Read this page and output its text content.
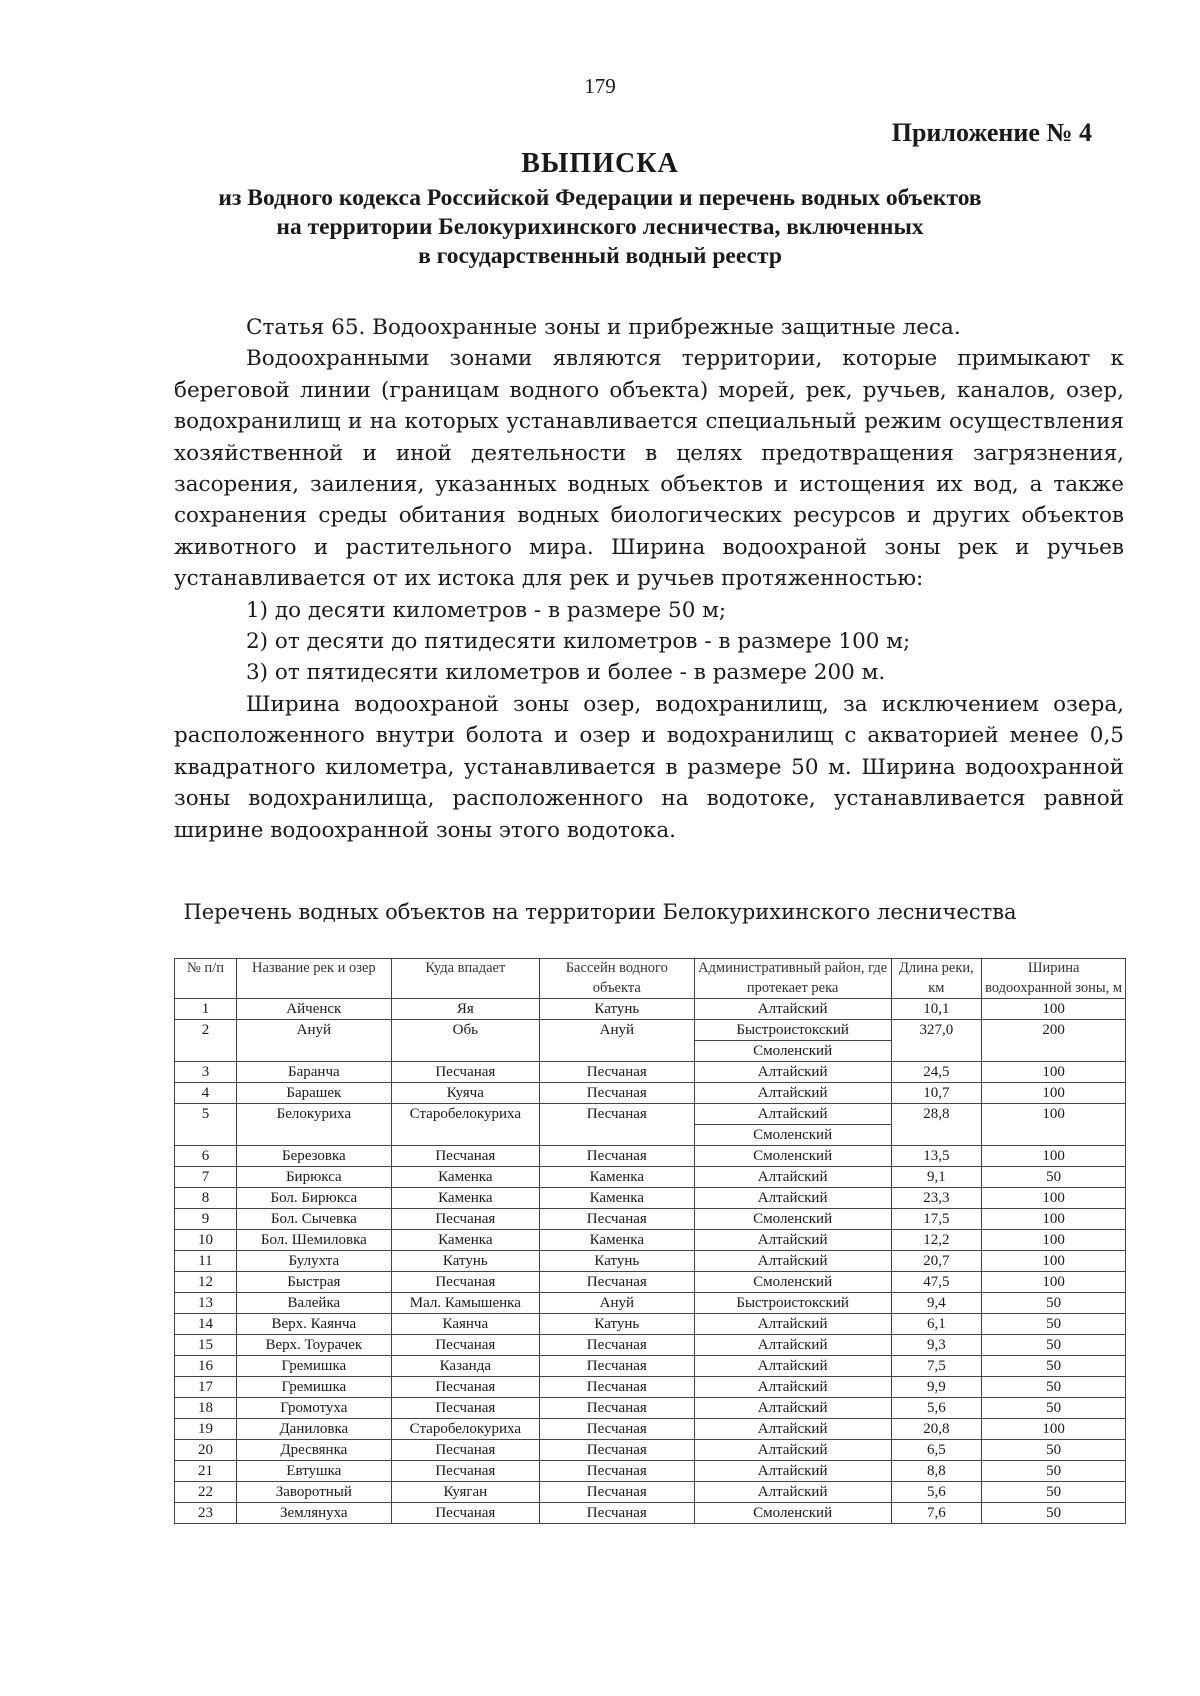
179
Приложение № 4
ВЫПИСКА
из Водного кодекса Российской Федерации и перечень водных объектов
на территории Белокурихинского лесничества, включенных
в государственный водный реестр

Статья 65. Водоохранные зоны и прибрежные защитные леса.

Водоохранными зонами являются территории, которые примыкают к береговой линии (границам водного объекта) морей, рек, ручьев, каналов, озер, водохранилищ и на которых устанавливается специальный режим осуществления хозяйственной и иной деятельности в целях предотвращения загрязнения, засорения, заиления, указанных водных объектов и истощения их вод, а также сохранения среды обитания водных биологических ресурсов и других объектов животного и растительного мира. Ширина водоохраной зоны рек и ручьев устанавливается от их истока для рек и ручьев протяженностью:

1) до десяти километров - в размере 50 м;

2) от десяти до пятидесяти километров - в размере 100 м;

3) от пятидесяти километров и более - в размере 200 м.

Ширина водоохраной зоны озер, водохранилищ, за исключением озера, расположенного внутри болота и озер и водохранилищ с акваторией менее 0,5 квадратного километра, устанавливается в размере 50 м. Ширина водоохранной зоны водохранилища, расположенного на водотоке, устанавливается равной ширине водоохранной зоны этого водотока.

Перечень водных объектов на территории Белокурихинского лесничества
№ п/п	Название рек и озер	Куда впадает	Бассейн водного объекта	Административный район, где протекает река	Длина реки, км	Ширина водоохранной зоны, м
1	Айченск	Яя	Катунь	Алтайский	10,1	100
2	Ануй	Обь	Ануй	Быстроистокский	327,0	200
				Смоленский		
3	Баранча	Песчаная	Песчаная	Алтайский	24,5	100
4	Барашек	Куяча	Песчаная	Алтайский	10,7	100
5	Белокуриха	Старобелокуриха	Песчаная	Алтайский	28,8	100
				Смоленский		
6	Березовка	Песчаная	Песчаная	Смоленский	13,5	100
7	Бирюкса	Каменка	Каменка	Алтайский	9,1	50
8	Бол. Бирюкса	Каменка	Каменка	Алтайский	23,3	100
9	Бол. Сычевка	Песчаная	Песчаная	Смоленский	17,5	100
10	Бол. Шемиловка	Каменка	Каменка	Алтайский	12,2	100
11	Булухта	Катунь	Катунь	Алтайский	20,7	100
12	Быстрая	Песчаная	Песчаная	Смоленский	47,5	100
13	Валейка	Мал. Камышенка	Ануй	Быстроистокский	9,4	50
14	Верх. Каянча	Каянча	Катунь	Алтайский	6,1	50
15	Верх. Тоурачек	Песчаная	Песчаная	Алтайский	9,3	50
16	Гремишка	Казанда	Песчаная	Алтайский	7,5	50
17	Гремишка	Песчаная	Песчаная	Алтайский	9,9	50
18	Громотуха	Песчаная	Песчаная	Алтайский	5,6	50
19	Даниловка	Старобелокуриха	Песчаная	Алтайский	20,8	100
20	Дресвянка	Песчаная	Песчаная	Алтайский	6,5	50
21	Евтушка	Песчаная	Песчаная	Алтайский	8,8	50
22	Заворотный	Куяган	Песчаная	Алтайский	5,6	50
23	Землянуха	Песчаная	Песчаная	Смоленский	7,6	50
